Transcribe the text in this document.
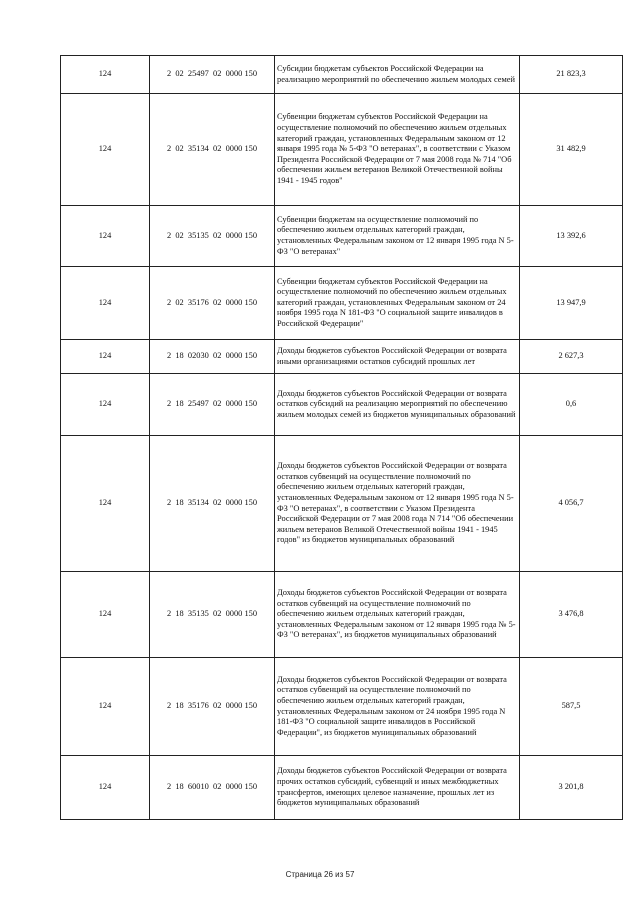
124	2  02  25497  02  0000 150	Субсидии бюджетам субъектов Российской Федерации на реализацию мероприятий по обеспечению жильем молодых семей	21 823,3
124	2  02  35134  02  0000 150	Субвенции бюджетам субъектов Российской Федерации на осуществление полномочий по обеспечению жильем отдельных категорий граждан, установленных Федеральным законом от 12 января 1995 года № 5-ФЗ "О ветеранах", в соответствии с Указом Президента Российской Федерации от 7 мая 2008 года № 714 "Об обеспечении жильем ветеранов Великой Отечественной войны 1941 - 1945 годов"	31 482,9
124	2  02  35135  02  0000 150	Субвенции бюджетам на осуществление полномочий по обеспечению жильем отдельных категорий граждан, установленных Федеральным законом от 12 января 1995 года N 5-ФЗ "О ветеранах"	13 392,6
124	2  02  35176  02  0000 150	Субвенции бюджетам субъектов Российской Федерации на осуществление полномочий по обеспечению жильем отдельных категорий граждан, установленных Федеральным законом от 24 ноября 1995 года N 181-ФЗ "О социальной защите инвалидов в Российской Федерации"	13 947,9
124	2  18  02030  02  0000 150	Доходы бюджетов субъектов Российской Федерации от возврата иными организациями остатков субсидий прошлых лет	2 627,3
124	2  18  25497  02  0000 150	Доходы бюджетов субъектов Российской Федерации от возврата остатков субсидий на реализацию мероприятий по обеспечению жильем молодых семей из бюджетов муниципальных образований	0,6
124	2  18  35134  02  0000 150	Доходы бюджетов субъектов Российской Федерации от возврата остатков субвенций на осуществление полномочий по обеспечению жильем отдельных категорий граждан, установленных Федеральным законом от 12 января 1995 года N 5-ФЗ "О ветеранах", в соответствии с Указом Президента Российской Федерации от 7 мая 2008 года N 714 "Об обеспечении жильем ветеранов Великой Отечественной войны 1941 - 1945 годов" из бюджетов муниципальных образований	4 056,7
124	2  18  35135  02  0000 150	Доходы бюджетов субъектов Российской Федерации от возврата остатков субвенций на осуществление полномочий по обеспечению жильем отдельных категорий граждан, установленных Федеральным законом от 12 января 1995 года № 5-ФЗ "О ветеранах", из бюджетов муниципальных образований	3 476,8
124	2  18  35176  02  0000 150	Доходы бюджетов субъектов Российской Федерации от возврата остатков субвенций на осуществление полномочий по обеспечению жильем отдельных категорий граждан, установленных Федеральным законом от 24 ноября 1995 года N 181-ФЗ "О социальной защите инвалидов в Российской Федерации", из бюджетов муниципальных образований	587,5
124	2  18  60010  02  0000 150	Доходы бюджетов субъектов Российской Федерации от возврата прочих остатков субсидий, субвенций и иных межбюджетных трансфертов, имеющих целевое назначение, прошлых лет из бюджетов муниципальных образований	3 201,8
Страница 26 из 57
